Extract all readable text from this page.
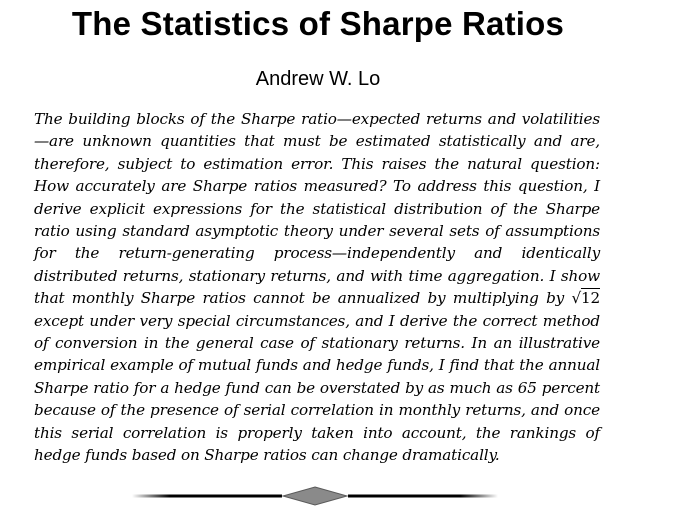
The Statistics of Sharpe Ratios
Andrew W. Lo

The building blocks of the Sharpe ratio—expected returns and volatilities—are unknown quantities that must be estimated statistically and are, therefore, subject to estimation error. This raises the natural question: How accurately are Sharpe ratios measured? To address this question, I derive explicit expressions for the statistical distribution of the Sharpe ratio using standard asymptotic theory under several sets of assumptions for the return-generating process—independently and identically distributed returns, stationary returns, and with time aggregation. I show that monthly Sharpe ratios cannot be annualized by multiplying by √12 except under very special circumstances, and I derive the correct method of conversion in the general case of stationary returns. In an illustrative empirical example of mutual funds and hedge funds, I find that the annual Sharpe ratio for a hedge fund can be overstated by as much as 65 percent because of the presence of serial correlation in monthly returns, and once this serial correlation is properly taken into account, the rankings of hedge funds based on Sharpe ratios can change dramatically.
